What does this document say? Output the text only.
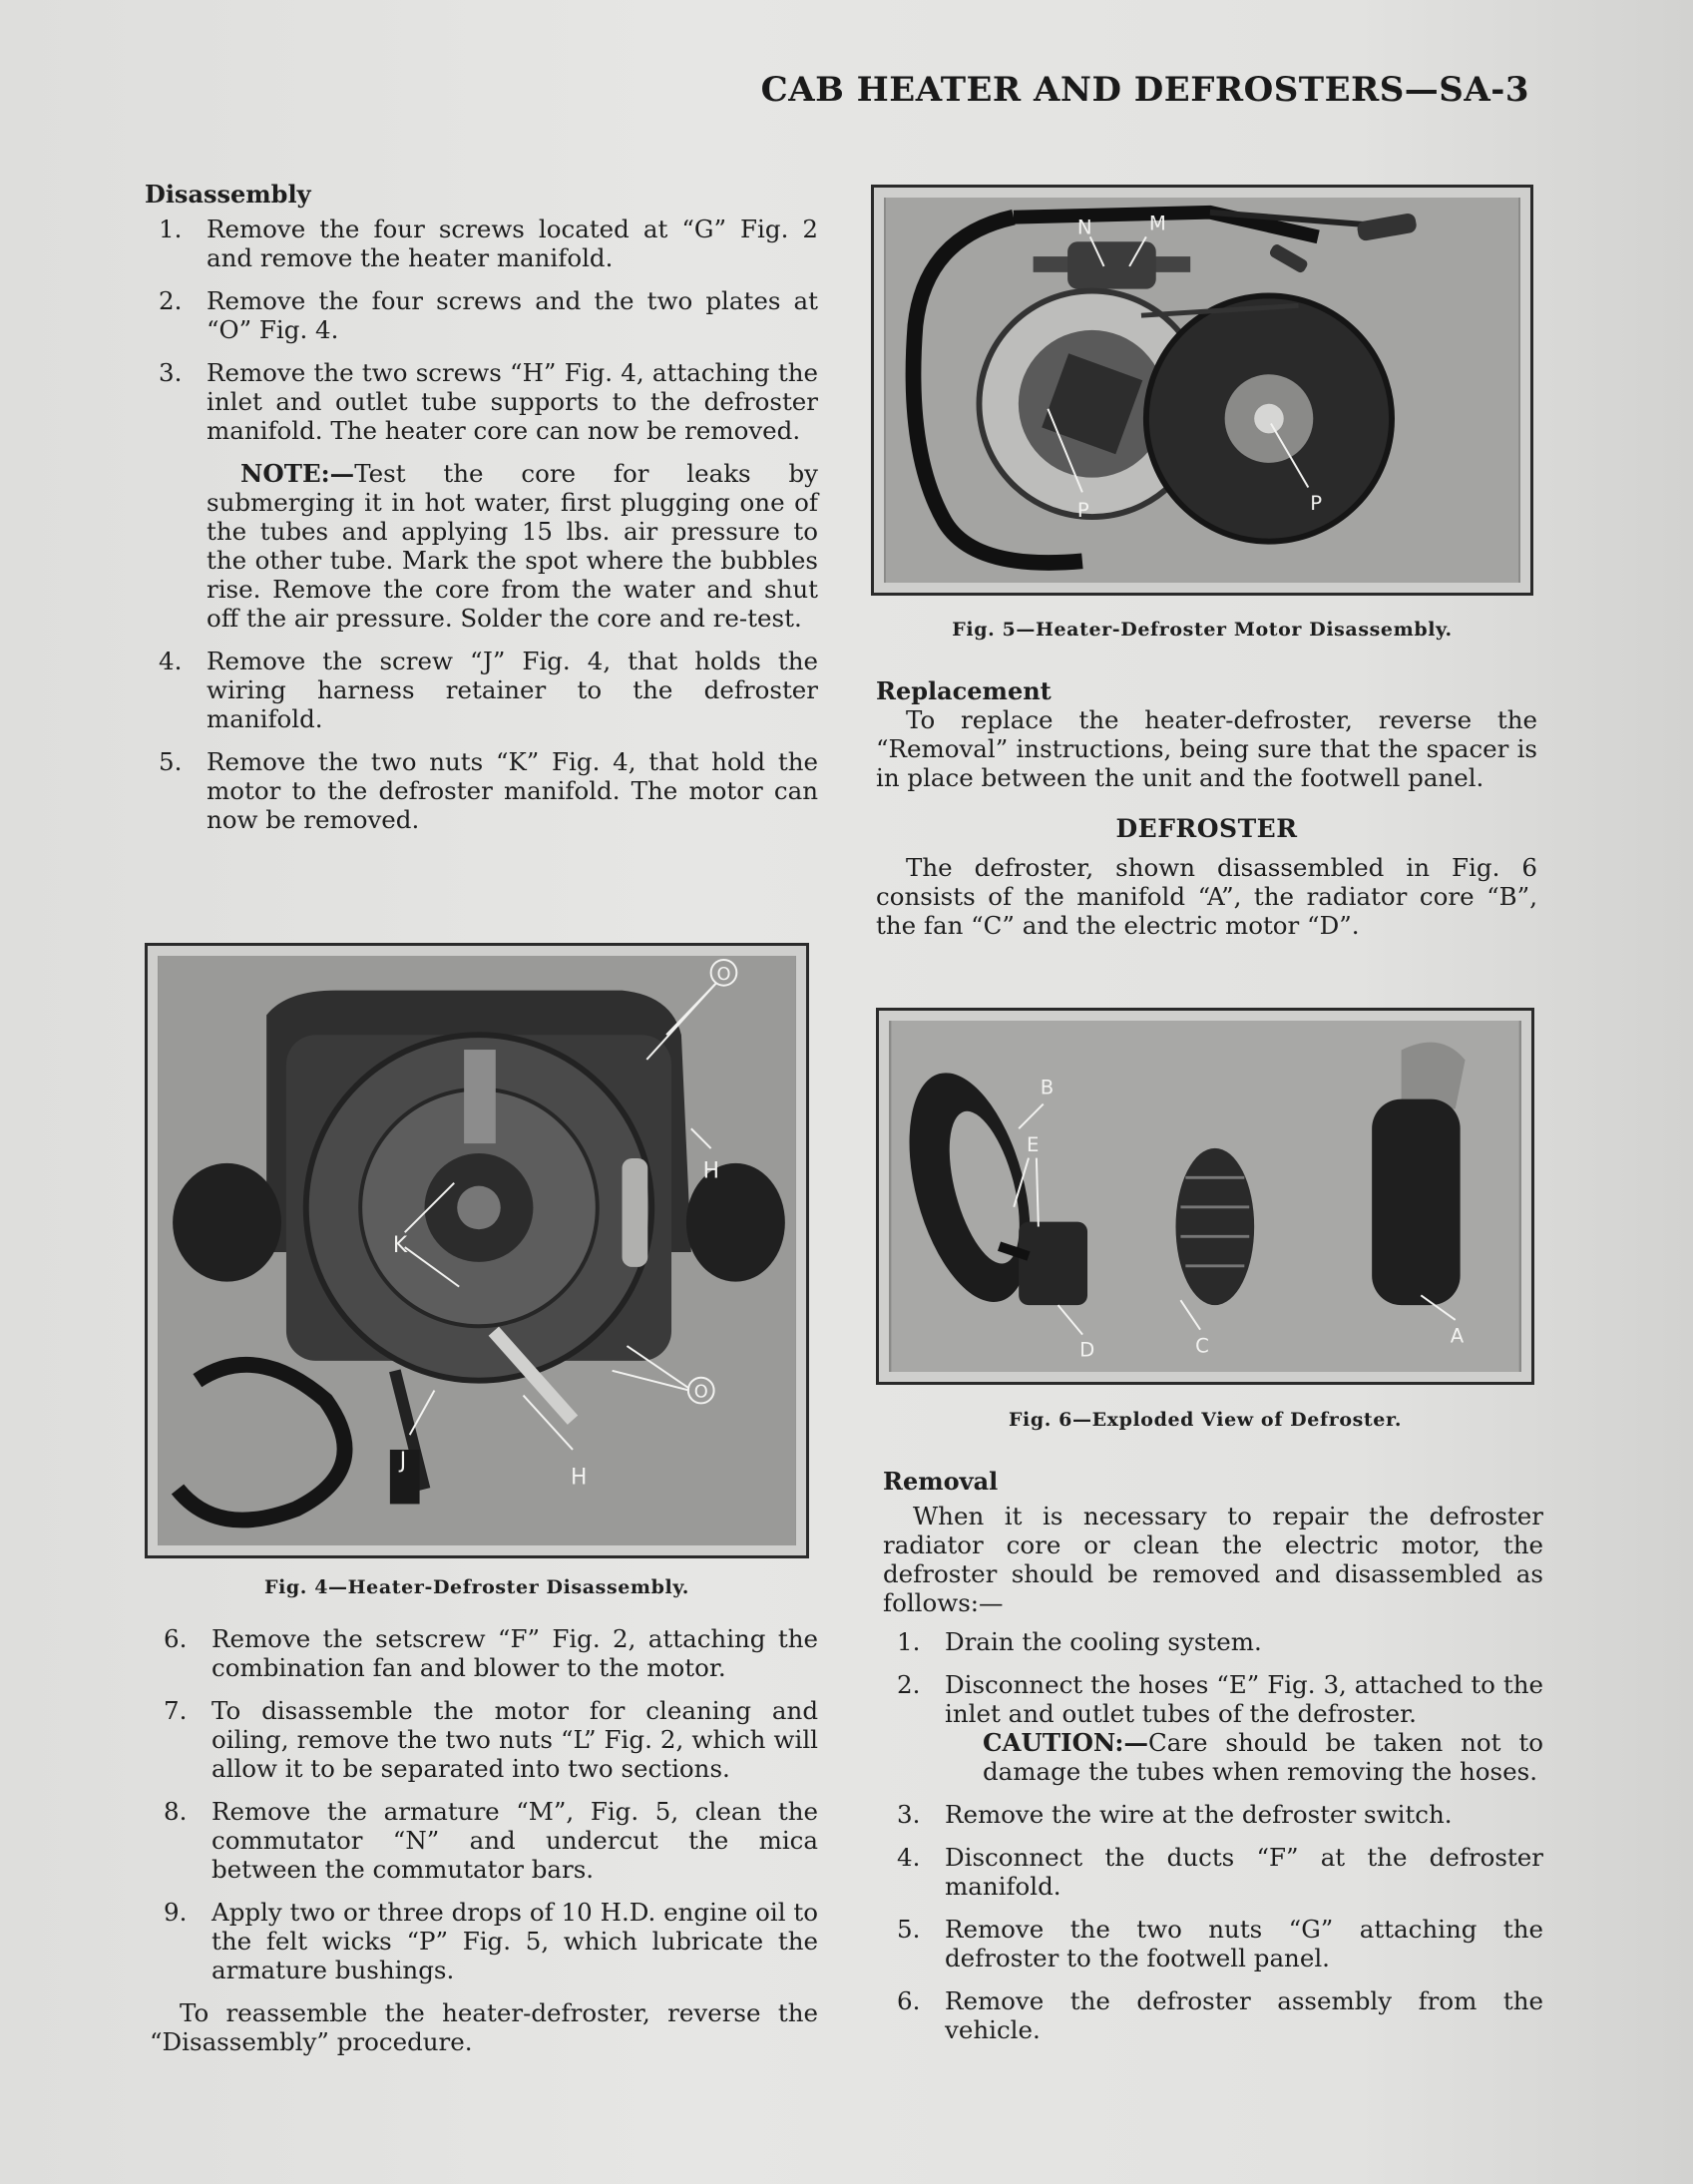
CAB HEATER AND DEFROSTERS—SA-3
Disassembly
1. Remove the four screws located at “G” Fig. 2 and remove the heater manifold.
2. Remove the four screws and the two plates at “O” Fig. 4.
3. Remove the two screws “H” Fig. 4, attaching the inlet and outlet tube supports to the defroster manifold. The heater core can now be removed.
NOTE:—Test the core for leaks by submerging it in hot water, first plugging one of the tubes and applying 15 lbs. air pressure to the other tube. Mark the spot where the bubbles rise. Remove the core from the water and shut off the air pressure. Solder the core and re-test.
4. Remove the screw “J” Fig. 4, that holds the wiring harness retainer to the defroster manifold.
5. Remove the two nuts “K” Fig. 4, that hold the motor to the defroster manifold. The motor can now be removed.
H
O
K
J
H
O
Fig. 4—Heater-Defroster Disassembly.
6. Remove the setscrew “F” Fig. 2, attaching the combination fan and blower to the motor.
7. To disassemble the motor for cleaning and oiling, remove the two nuts “L” Fig. 2, which will allow it to be separated into two sections.
8. Remove the armature “M”, Fig. 5, clean the commutator “N” and undercut the mica between the commutator bars.
9. Apply two or three drops of 10 H.D. engine oil to the felt wicks “P” Fig. 5, which lubricate the armature bushings.
To reassemble the heater-defroster, reverse the “Disassembly” procedure.
N	M
P	P
Fig. 5—Heater-Defroster Motor Disassembly.
Replacement
To replace the heater-defroster, reverse the “Removal” instructions, being sure that the spacer is in place between the unit and the footwell panel.
DEFROSTER
The defroster, shown disassembled in Fig. 6 consists of the manifold “A”, the radiator core “B”, the fan “C” and the electric motor “D”.
B
E
D	C	A
Fig. 6—Exploded View of Defroster.
Removal
When it is necessary to repair the defroster radiator core or clean the electric motor, the defroster should be removed and disassembled as follows:—
1. Drain the cooling system.
2. Disconnect the hoses “E” Fig. 3, attached to the inlet and outlet tubes of the defroster.
CAUTION:—Care should be taken not to damage the tubes when removing the hoses.
3. Remove the wire at the defroster switch.
4. Disconnect the ducts “F” at the defroster manifold.
5. Remove the two nuts “G” attaching the defroster to the footwell panel.
6. Remove the defroster assembly from the vehicle.
